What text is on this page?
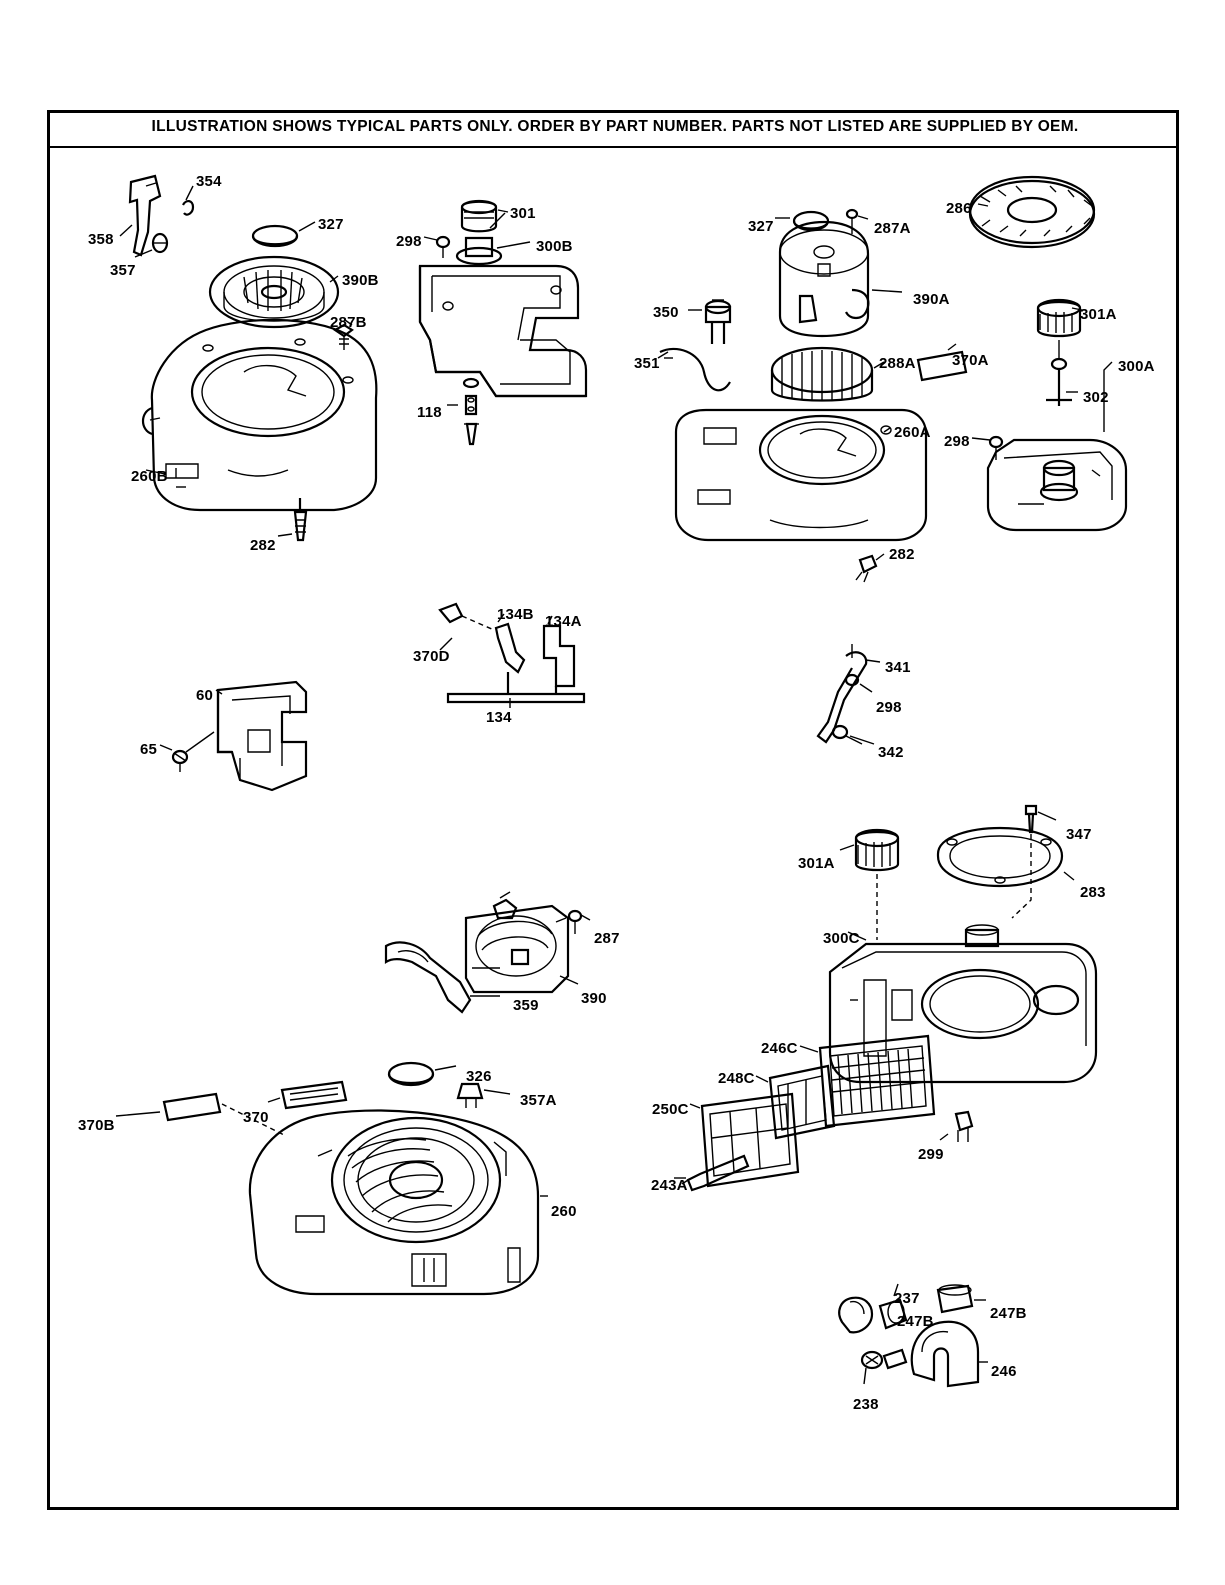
ILLUSTRATION SHOWS TYPICAL PARTS ONLY. ORDER BY PART NUMBER. PARTS NOT LISTED ARE SUPPLIED BY OEM.
354
358
357
327
390B
287B
260B
282
298
301
300B
118
327	287A
286
390A
350
351	288A 370A
301A
300A
302
260A
298
282
134B 134A
370D
134
60
65
341
298
342
347
301A
283
300C
287
390
359
246C
248C
250C
299
243A
326
357A
370B	370
260
237
247B	247B
246
238
